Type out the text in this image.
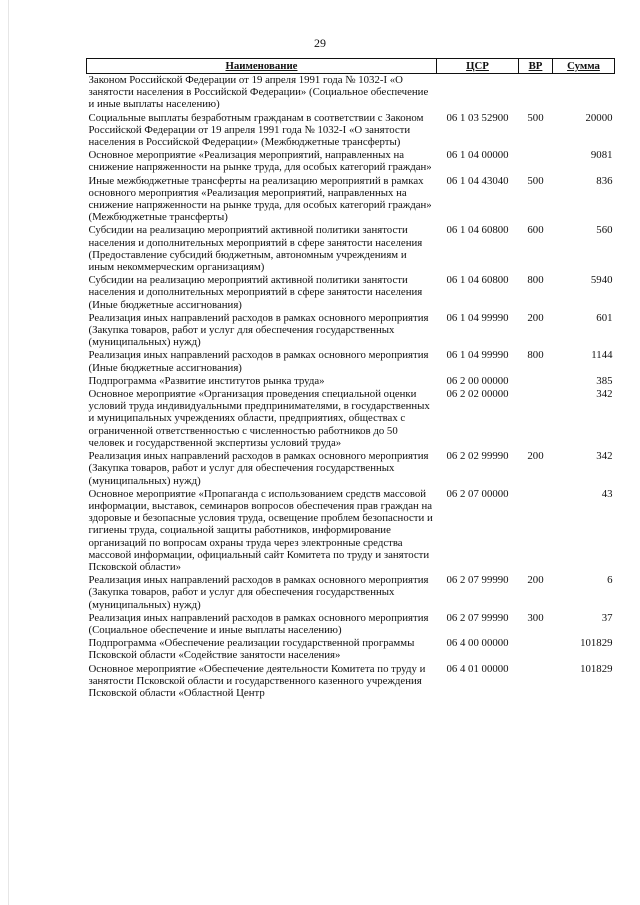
29
Наименование	ЦСР	ВР	Сумма
Законом Российской Федерации от 19 апреля 1991 года № 1032-I «О занятости населения в Российской Федерации» (Социальное обеспечение и иные выплаты населению)			
Социальные выплаты безработным гражданам в соответствии с Законом Российской Федерации от 19 апреля 1991 года № 1032-I «О занятости населения в Российской Федерации» (Межбюджетные трансферты)	06 1 03 52900	500	20000
Основное мероприятие «Реализация мероприятий, направленных на снижение напряженности на рынке труда, для особых категорий граждан»	06 1 04 00000		9081
Иные межбюджетные трансферты на реализацию мероприятий в рамках основного мероприятия «Реализация мероприятий, направленных на снижение напряженности на рынке труда, для особых категорий граждан» (Межбюджетные трансферты)	06 1 04 43040	500	836
Субсидии на реализацию мероприятий активной политики занятости населения и дополнительных мероприятий в сфере занятости населения (Предоставление субсидий бюджетным, автономным учреждениям и иным некоммерческим организациям)	06 1 04 60800	600	560
Субсидии на реализацию мероприятий активной политики занятости населения и дополнительных мероприятий в сфере занятости населения (Иные бюджетные ассигнования)	06 1 04 60800	800	5940
Реализация иных направлений расходов в рамках основного мероприятия (Закупка товаров, работ и услуг для обеспечения государственных (муниципальных) нужд)	06 1 04 99990	200	601
Реализация иных направлений расходов в рамках основного мероприятия (Иные бюджетные ассигнования)	06 1 04 99990	800	1144
Подпрограмма «Развитие институтов рынка труда»	06 2 00 00000		385
Основное мероприятие «Организация проведения специальной оценки условий труда индивидуальными предпринимателями, в государственных и муниципальных учреждениях области, предприятиях, обществах с ограниченной ответственностью с численностью работников до 50 человек и государственной экспертизы условий труда»	06 2 02 00000		342
Реализация иных направлений расходов в рамках основного мероприятия (Закупка товаров, работ и услуг для обеспечения государственных (муниципальных) нужд)	06 2 02 99990	200	342
Основное мероприятие «Пропаганда с использованием средств массовой информации, выставок, семинаров вопросов обеспечения прав граждан на здоровые и безопасные условия труда, освещение проблем безопасности и гигиены труда, социальной защиты работников, информирование организаций по вопросам охраны труда через электронные средства массовой информации, официальный сайт Комитета по труду и занятости Псковской области»	06 2 07 00000		43
Реализация иных направлений расходов в рамках основного мероприятия (Закупка товаров, работ и услуг для обеспечения государственных (муниципальных) нужд)	06 2 07 99990	200	6
Реализация иных направлений расходов в рамках основного мероприятия (Социальное обеспечение и иные выплаты населению)	06 2 07 99990	300	37
Подпрограмма «Обеспечение реализации государственной программы Псковской области «Содействие занятости населения»	06 4 00 00000		101829
Основное мероприятие «Обеспечение деятельности Комитета по труду и занятости Псковской области и государственного казенного учреждения Псковской области «Областной Центр	06 4 01 00000		101829
